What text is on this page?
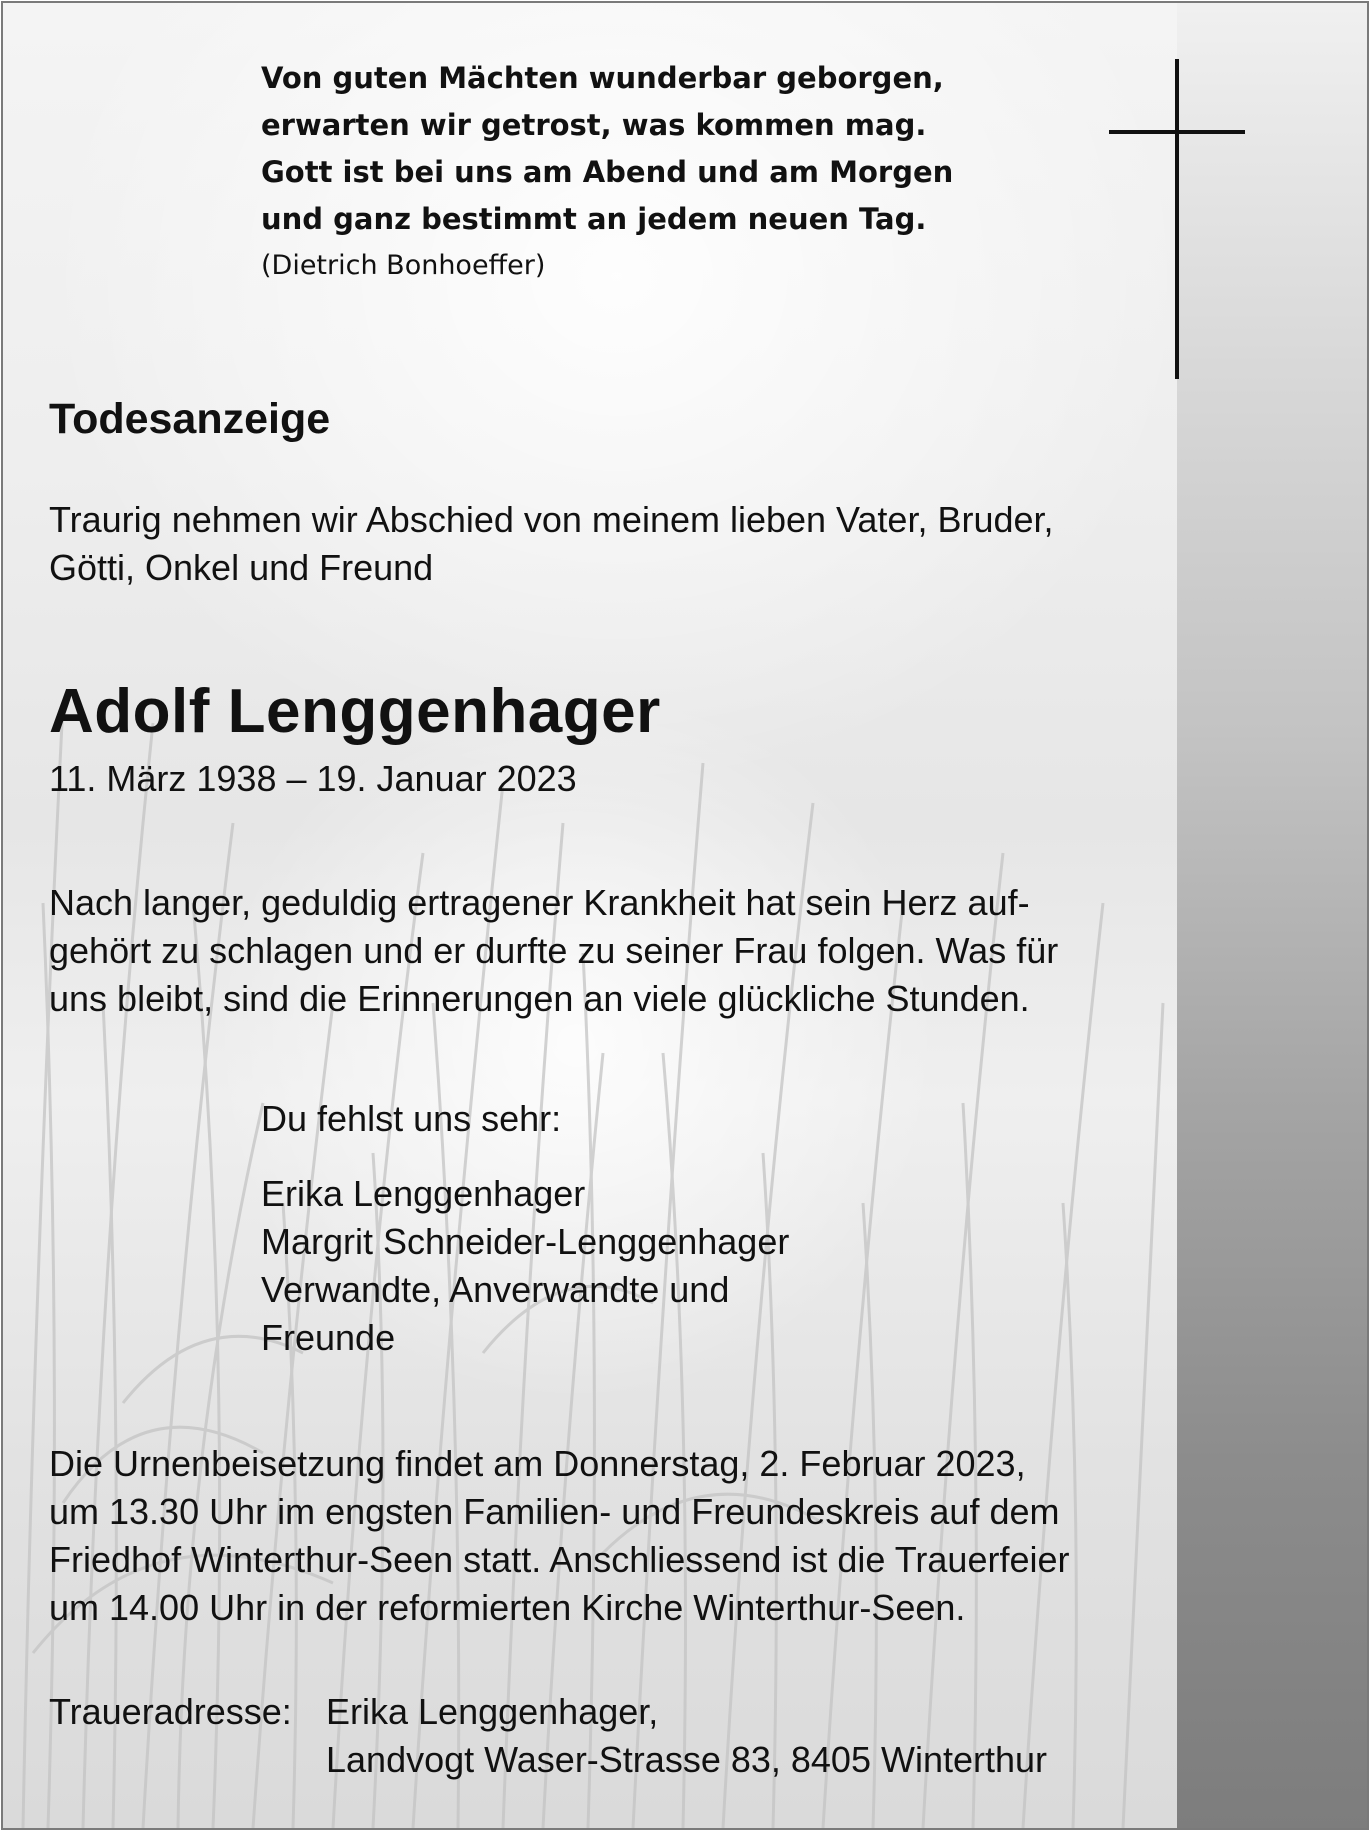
Von guten Mächten wunderbar geborgen,
erwarten wir getrost, was kommen mag.
Gott ist bei uns am Abend und am Morgen
und ganz bestimmt an jedem neuen Tag.
(Dietrich Bonhoeffer)
Todesanzeige
Traurig nehmen wir Abschied von meinem lieben Vater, Bruder,
Götti, Onkel und Freund
Adolf Lenggenhager
11. März 1938 – 19. Januar 2023
Nach langer, geduldig ertragener Krankheit hat sein Herz auf-
gehört zu schlagen und er durfte zu seiner Frau folgen. Was für
uns bleibt, sind die Erinnerungen an viele glückliche Stunden.
Du fehlst uns sehr:
Erika Lenggenhager
Margrit Schneider-Lenggenhager
Verwandte, Anverwandte und
Freunde
Die Urnenbeisetzung findet am Donnerstag, 2. Februar 2023,
um 13.30 Uhr im engsten Familien- und Freundeskreis auf dem
Friedhof Winterthur-Seen statt. Anschliessend ist die Trauerfeier
um 14.00 Uhr in der reformierten Kirche Winterthur-Seen.
Traueradresse: Erika Lenggenhager,
Landvogt Waser-Strasse 83, 8405 Winterthur
